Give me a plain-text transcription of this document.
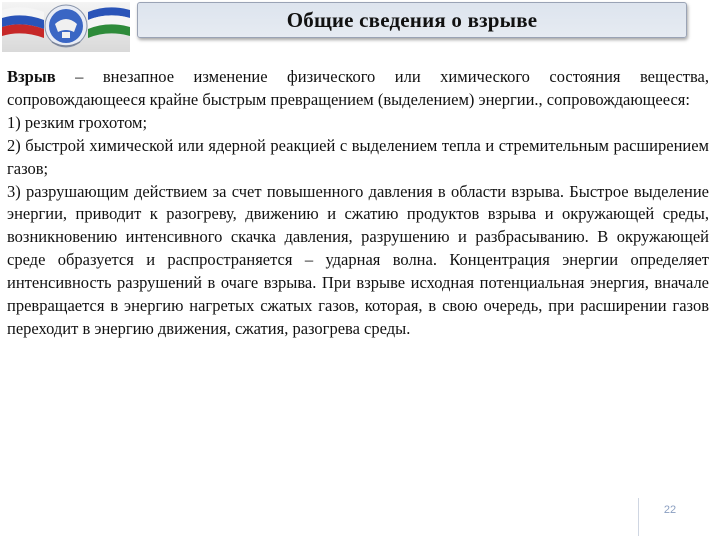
Общие сведения о взрыве

Взрыв – внезапное изменение физического или химического состояния вещества, сопровождающееся крайне быстрым превращением (выделением) энергии., сопровождающееся:

1) резким грохотом;

2) быстрой химической или ядерной реакцией с выделением тепла и стремительным расширением газов;

3) разрушающим действием за счет повышенного давления в области взрыва. Быстрое выделение энергии, приводит к разогреву, движению и сжатию продуктов взрыва и окружающей среды, возникновению интенсивного скачка давления, разрушению и разбрасыванию. В окружающей среде образуется и распространяется – ударная волна. Концентрация энергии определяет интенсивность разрушений в очаге взрыва. При взрыве исходная потенциальная энергия, вначале превращается в энергию нагретых сжатых газов, которая, в свою очередь, при расширении газов переходит в энергию движения, сжатия, разогрева среды.

22
